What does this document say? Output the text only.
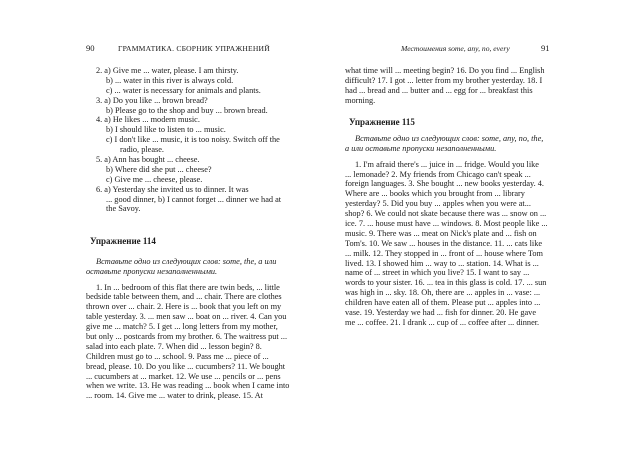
90	ГРАММАТИКА. СБОРНИК УПРАЖНЕНИЙ
2. a) Give me ... water, please. I am thirsty.
b) ... water in this river is always cold.
c) ... water is necessary for animals and plants.
3. a) Do you like ... brown bread?
b) Please go to the shop and buy ... brown bread.
4. a) He likes ... modern music.
b) I should like to listen to ... music.
c) I don't like ... music, it is too noisy. Switch off the
radio, please.
5. a) Ann has bought ... cheese.
b) Where did she put ... cheese?
c) Give me ... cheese, please.
6. a) Yesterday she invited us to dinner. It was
... good dinner, b) I cannot forget ... dinner we had at
the Savoy.
Упражнение 114
Вставьте одно из следующих слов: some, the, a или
оставьте пропуски незаполненными.
1. In ... bedroom of this flat there are twin beds, ... little
bedside table between them, and ... chair. There are clothes
thrown over ... chair. 2. Here is ... book that you left on my
table yesterday. 3. ... men saw ... boat on ... river. 4. Can you
give me ... match? 5. I get ... long letters from my mother,
but only ... postcards from my brother. 6. The waitress put ...
salad into each plate. 7. When did ... lesson begin? 8.
Children must go to ... school. 9. Pass me ... piece of ...
bread, please. 10. Do you like ... cucumbers? 11. We bought
... cucumbers at ... market. 12. We use ... pencils or ... pens
when we write. 13. He was reading ... book when I came into
... room. 14. Give me ... water to drink, please. 15. At
Местоимения some, any, no, every	91
what time will ... meeting begin? 16. Do you find ... English
difficult? 17. I got ... letter from my brother yesterday. 18. I
had ... bread and ... butter and ... egg for ... breakfast this
morning.
Упражнение 115
Вставьте одно из следующих слов: some, any, no, the,
a или оставьте пропуски незаполненными.
1. I'm afraid there's ... juice in ... fridge. Would you like
... lemonade? 2. My friends from Chicago can't speak ...
foreign languages. 3. She bought ... new books yesterday. 4.
Where are ... books which you brought from ... library
yesterday? 5. Did you buy ... apples when you were at...
shop? 6. We could not skate because there was ... snow on ...
ice. 7. ... house must have ... windows. 8. Most people like ...
music. 9. There was ... meat on Nick's plate and ... fish on
Tom's. 10. We saw ... houses in the distance. 11. ... cats like
... milk. 12. They stopped in ... front of ... house where Tom
lived. 13. I showed him ... way to ... station. 14. What is ...
name of ... street in which you live? 15. I want to say ...
words to your sister. 16. ... tea in this glass is cold. 17. ... sun
was high in ... sky. 18. Oh, there are ... apples in ... vase: ...
children have eaten all of them. Please put ... apples into ...
vase. 19. Yesterday we had ... fish for dinner. 20. He gave
me ... coffee. 21. I drank ... cup of ... coffee after ... dinner.
